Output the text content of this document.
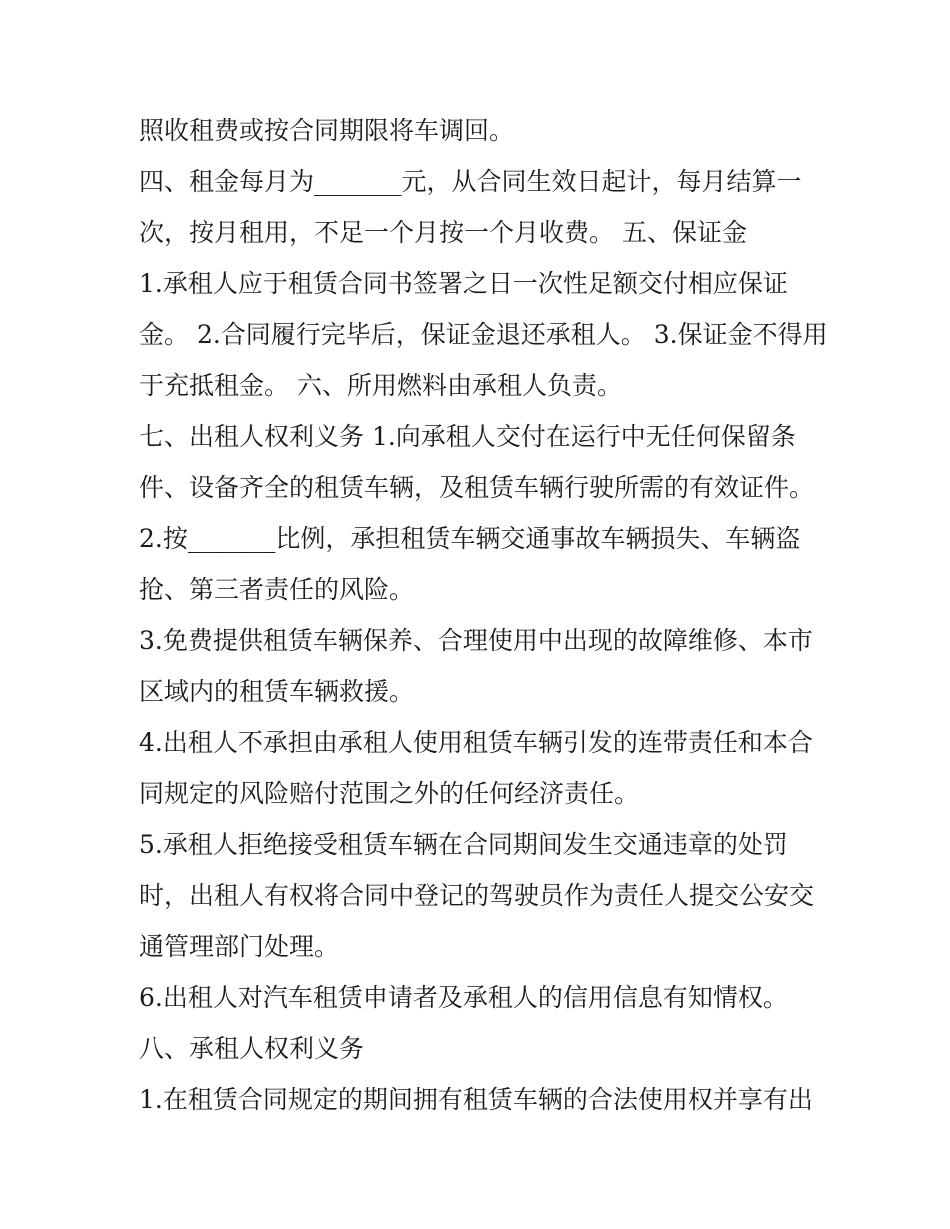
照收租费或按合同期限将车调回。
四、租金每月为_______元，从合同生效日起计，每月结算一
次，按月租用，不足一个月按一个月收费。 五、保证金
1.承租人应于租赁合同书签署之日一次性足额交付相应保证
金。 2.合同履行完毕后，保证金退还承租人。 3.保证金不得用
于充抵租金。 六、所用燃料由承租人负责。
七、出租人权利义务 1.向承租人交付在运行中无任何保留条
件、设备齐全的租赁车辆，及租赁车辆行驶所需的有效证件。
2.按_______比例，承担租赁车辆交通事故车辆损失、车辆盗
抢、第三者责任的风险。
3.免费提供租赁车辆保养、合理使用中出现的故障维修、本市
区域内的租赁车辆救援。
4.出租人不承担由承租人使用租赁车辆引发的连带责任和本合
同规定的风险赔付范围之外的任何经济责任。
5.承租人拒绝接受租赁车辆在合同期间发生交通违章的处罚
时，出租人有权将合同中登记的驾驶员作为责任人提交公安交
通管理部门处理。
6.出租人对汽车租赁申请者及承租人的信用信息有知情权。
八、承租人权利义务
1.在租赁合同规定的期间拥有租赁车辆的合法使用权并享有出
